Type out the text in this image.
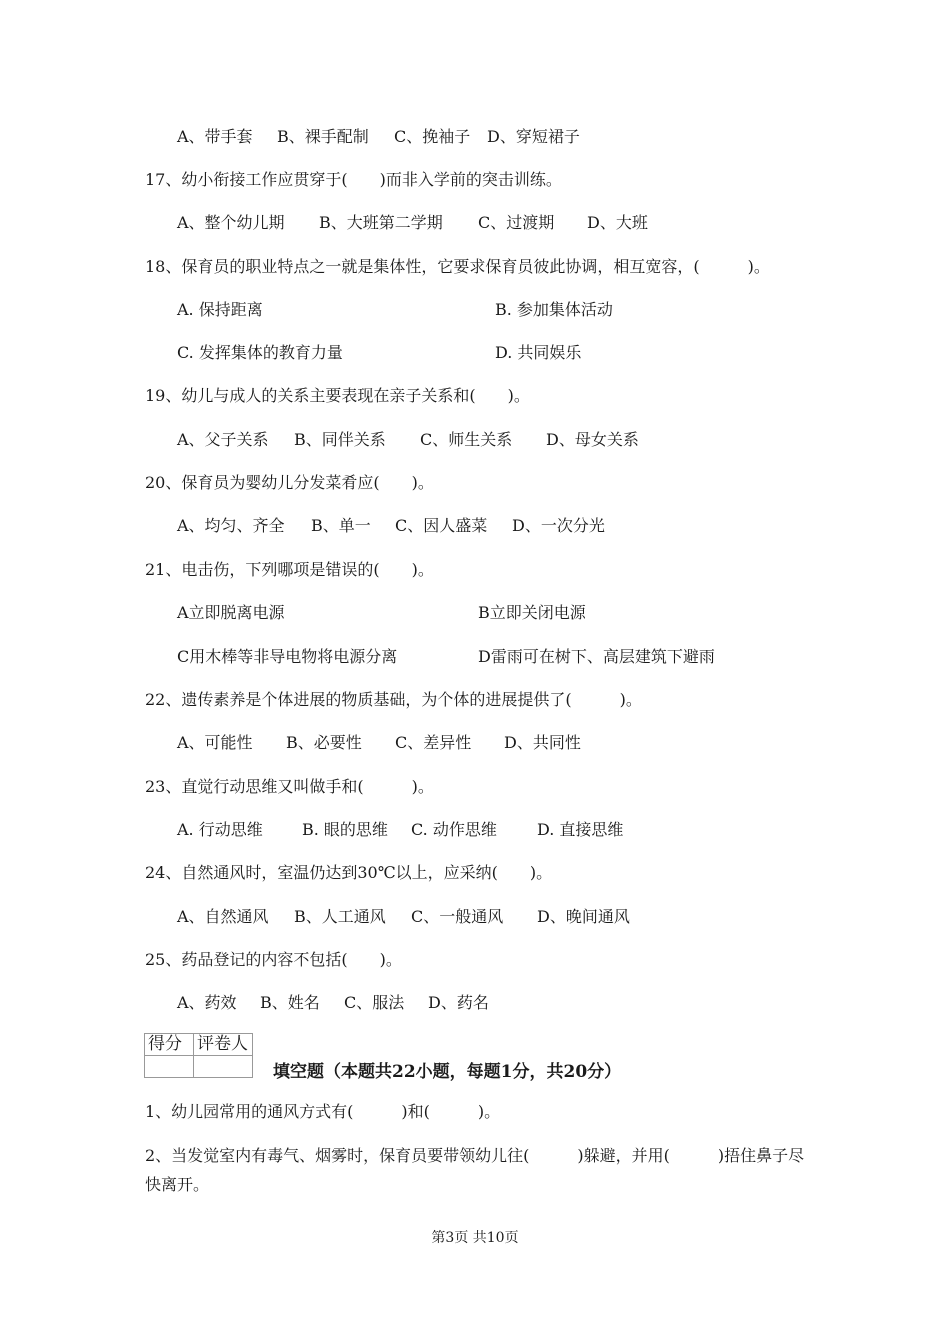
A、带手套 B、裸手配制 C、挽袖子 D、穿短裙子
17、幼小衔接工作应贯穿于(　　)而非入学前的突击训练。
A、整个幼儿期 B、大班第二学期 C、过渡期 D、大班
18、保育员的职业特点之一就是集体性，它要求保育员彼此协调，相互宽容，(　　　)。
A. 保持距离	B. 参加集体活动
C. 发挥集体的教育力量	D. 共同娱乐
19、幼儿与成人的关系主要表现在亲子关系和(　　)。
A、父子关系 B、同伴关系 C、师生关系 D、母女关系
20、保育员为婴幼儿分发菜肴应(　　)。
A、均匀、齐全 B、单一 C、因人盛菜 D、一次分光
21、电击伤，下列哪项是错误的(　　)。
A立即脱离电源	B立即关闭电源
C用木棒等非导电物将电源分离	D雷雨可在树下、高层建筑下避雨
22、遗传素养是个体进展的物质基础，为个体的进展提供了(　　　)。
A、可能性 B、必要性 C、差异性 D、共同性
23、直觉行动思维又叫做手和(　　　)。
A. 行动思维 B. 眼的思维 C. 动作思维	D. 直接思维
24、自然通风时，室温仍达到30℃以上，应采纳(　　)。
A、自然通风 B、人工通风 C、一般通风 D、晚间通风
25、药品登记的内容不包括(　　)。
A、药效 B、姓名 C、服法 D、药名
得分	评卷人

填空题（本题共22小题，每题1分，共20分）
1、幼儿园常用的通风方式有(　　　)和(　　　)。
2、当发觉室内有毒气、烟雾时，保育员要带领幼儿往(　　　)躲避，并用(　　　)捂住鼻子尽
快离开。
第3页 共10页
